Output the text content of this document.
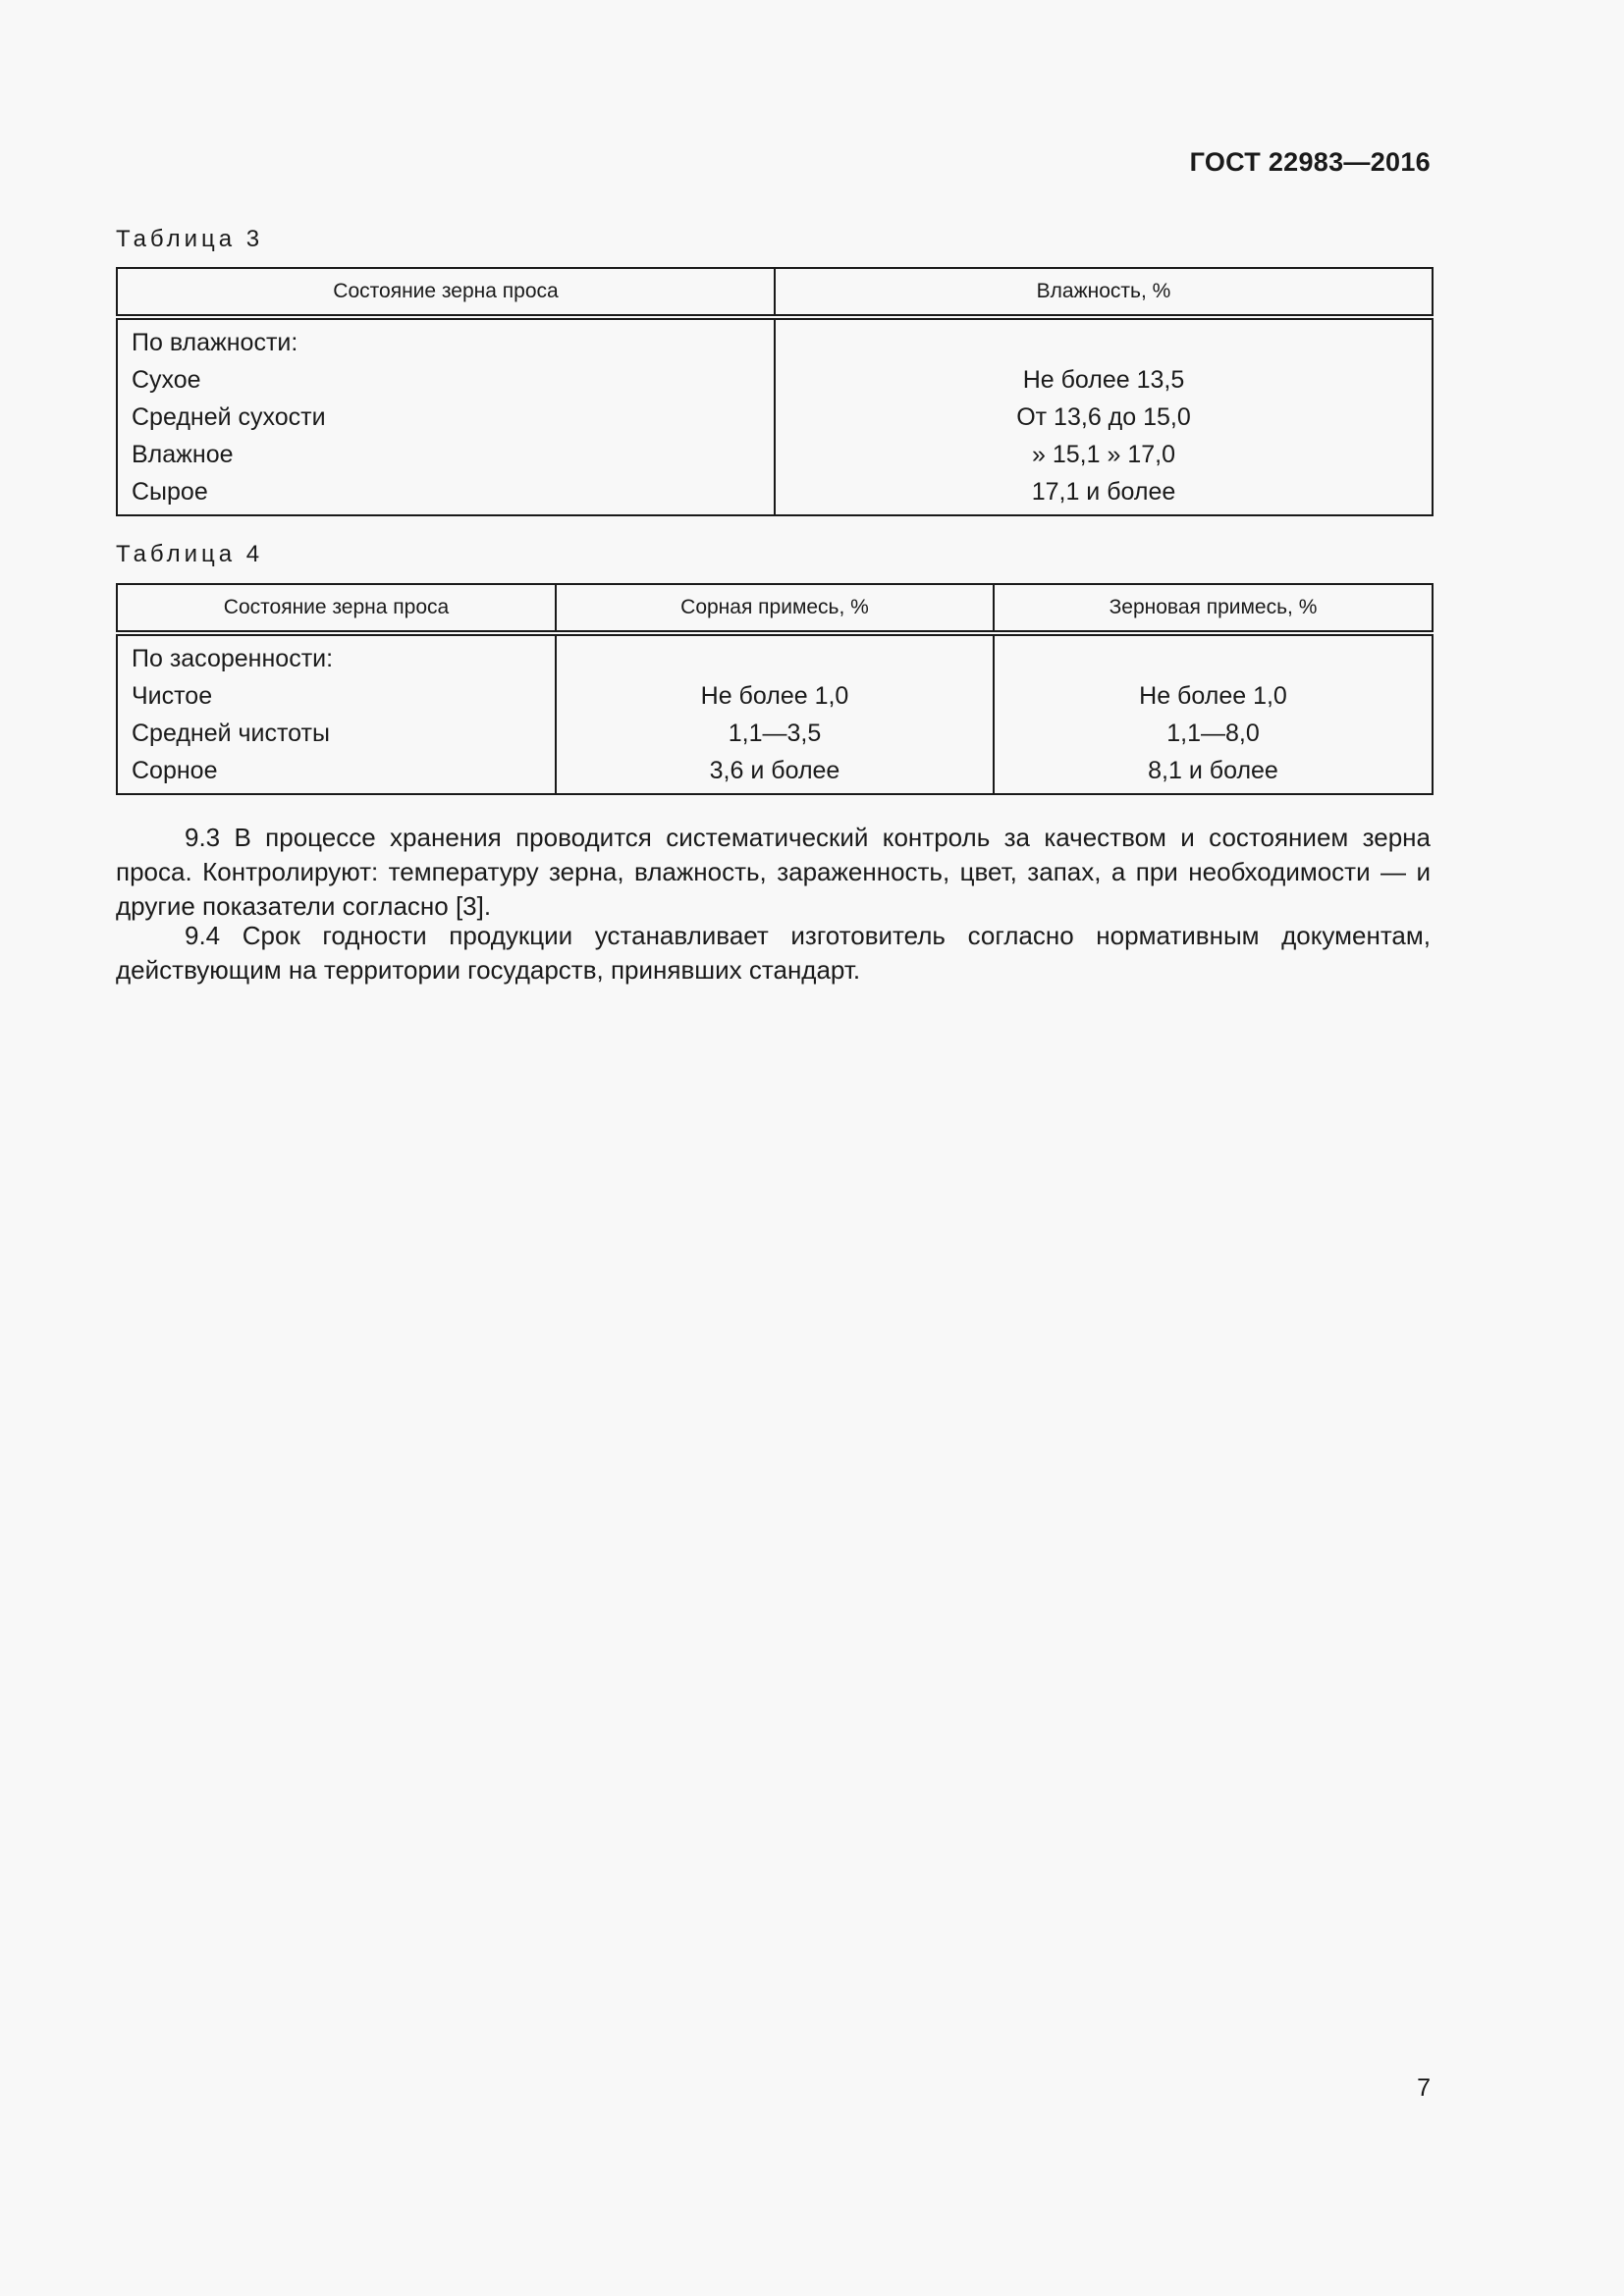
ГОСТ 22983—2016
Таблица 3
Состояние зерна проса	Влажность, %
По влажности:	
Сухое	Не более 13,5
Средней сухости	От 13,6 до 15,0
Влажное	» 15,1 » 17,0
Сырое	17,1 и более
Таблица 4
Состояние зерна проса	Сорная примесь, %	Зерновая примесь, %
По засоренности:		
Чистое	Не более 1,0	Не более 1,0
Средней чистоты	1,1—3,5	1,1—8,0
Сорное	3,6 и более	8,1 и более

9.3 В процессе хранения проводится систематический контроль за качеством и состоянием зерна проса. Контролируют: температуру зерна, влажность, зараженность, цвет, запах, а при необходимости — и другие показатели согласно [3].

9.4 Срок годности продукции устанавливает изготовитель согласно нормативным документам, действующим на территории государств, принявших стандарт.

7
